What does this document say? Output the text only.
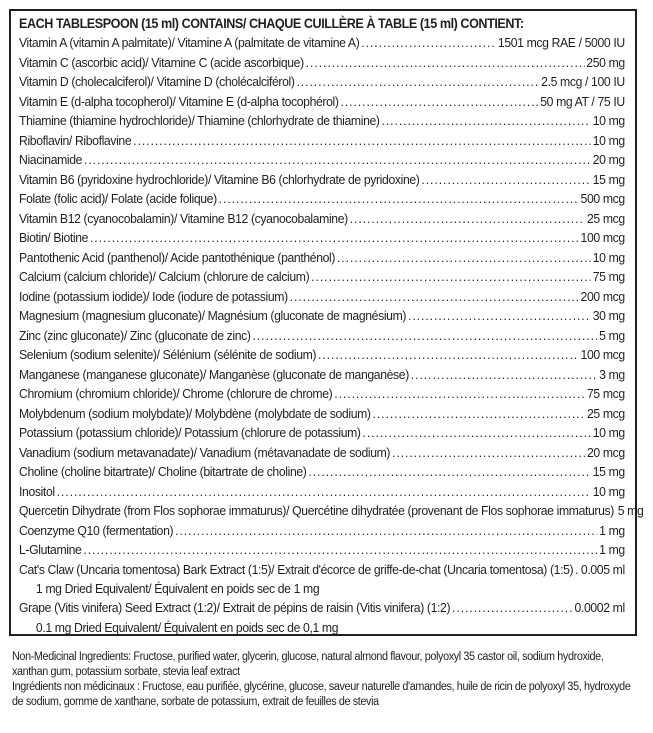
EACH TABLESPOON (15 ml) CONTAINS/ CHAQUE CUILLÈRE À TABLE (15 ml) CONTIENT:
Vitamin A (vitamin A palmitate)/ Vitamine A (palmitate de vitamine A) .....	1501 mcg RAE / 5000 IU
Vitamin C (ascorbic acid)/ Vitamine C (acide ascorbique) .....	250 mg
Vitamin D (cholecalciferol)/ Vitamine D (cholécalciférol) .....	2.5 mcg / 100 IU
Vitamin E (d-alpha tocopherol)/ Vitamine E (d-alpha tocophérol) .....	50 mg AT / 75 IU
Thiamine (thiamine hydrochloride)/ Thiamine (chlorhydrate de thiamine) .....	10 mg
Riboflavin/ Riboflavine .....	10 mg
Niacinamide .....	20 mg
Vitamin B6 (pyridoxine hydrochloride)/ Vitamine B6 (chlorhydrate de pyridoxine) .....	15 mg
Folate (folic acid)/ Folate (acide folique) .....	500 mcg
Vitamin B12 (cyanocobalamin)/ Vitamine B12 (cyanocobalamine) .....	25 mcg
Biotin/ Biotine .....	100 mcg
Pantothenic Acid (panthenol)/ Acide pantothénique (panthénol) .....	10 mg
Calcium (calcium chloride)/ Calcium (chlorure de calcium) .....	75 mg
Iodine (potassium iodide)/ Iode (iodure de potassium) .....	200 mcg
Magnesium (magnesium gluconate)/ Magnésium (gluconate de magnésium) .....	30 mg
Zinc (zinc gluconate)/ Zinc (gluconate de zinc) .....	5 mg
Selenium (sodium selenite)/ Sélénium (sélénite de sodium) .....	100 mcg
Manganese (manganese gluconate)/ Manganèse (gluconate de manganèse) .....	3 mg
Chromium (chromium chloride)/ Chrome (chlorure de chrome) .....	75 mcg
Molybdenum (sodium molybdate)/ Molybdène (molybdate de sodium) .....	25 mcg
Potassium (potassium chloride)/ Potassium (chlorure de potassium) .....	10 mg
Vanadium (sodium metavanadate)/ Vanadium (métavanadate de sodium) .....	20 mcg
Choline (choline bitartrate)/ Choline (bitartrate de choline) .....	15 mg
Inositol .....	10 mg
Quercetin Dihydrate (from Flos sophorae immaturus)/ Quercétine dihydratée (provenant de Flos sophorae immaturus) 5 mg
Coenzyme Q10 (fermentation) .....	1 mg
L-Glutamine .....	1 mg
Cat's Claw (Uncaria tomentosa) Bark Extract (1:5)/ Extrait d'écorce de griffe-de-chat (Uncaria tomentosa) (1:5) ..... 0.005 ml
1 mg Dried Equivalent/ Équivalent en poids sec de 1 mg
Grape (Vitis vinifera) Seed Extract (1:2)/ Extrait de pépins de raisin (Vitis vinifera) (1:2) .....	0.0002 ml
0.1 mg Dried Equivalent/ Équivalent en poids sec de 0,1 mg

Non-Medicinal Ingredients: Fructose, purified water, glycerin, glucose, natural almond flavour, polyoxyl 35 castor oil, sodium hydroxide, xanthan gum, potassium sorbate, stevia leaf extract

Ingrédients non médicinaux : Fructose, eau purifiée, glycérine, glucose, saveur naturelle d'amandes, huile de ricin de polyoxyl 35, hydroxyde de sodium, gomme de xanthane, sorbate de potassium, extrait de feuilles de stevia
